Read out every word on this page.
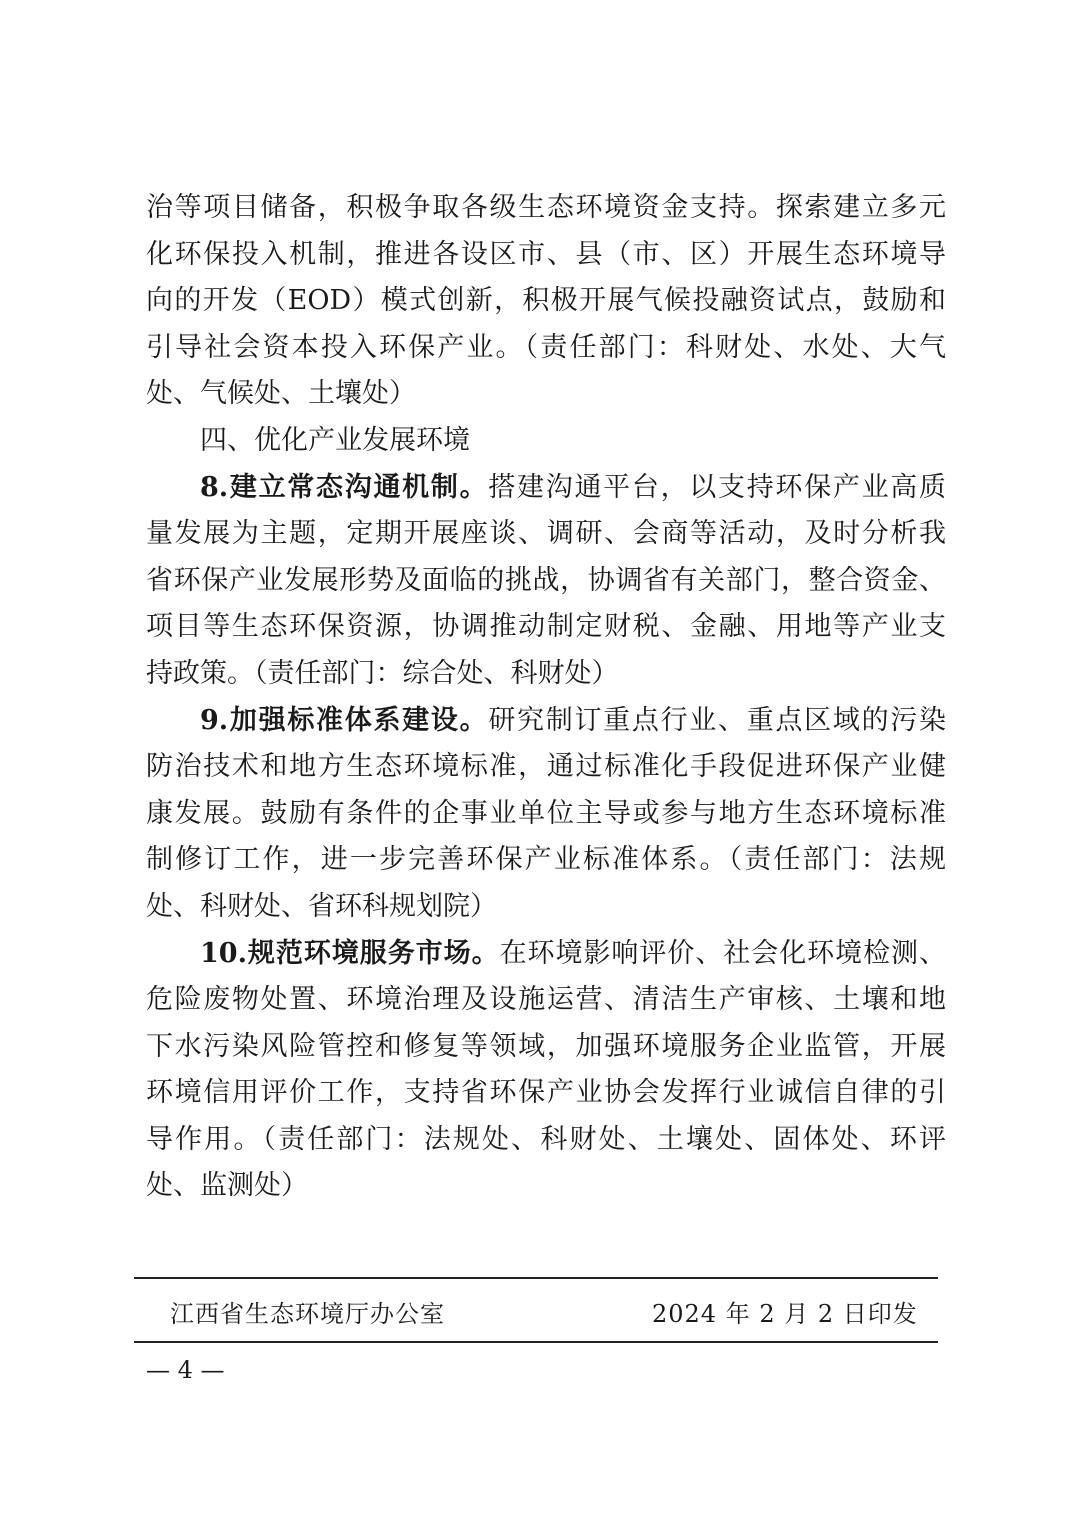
治等项目储备，积极争取各级生态环境资金支持。探索建立多元
化环保投入机制，推进各设区市、县（市、区）开展生态环境导
向的开发（EOD）模式创新，积极开展气候投融资试点，鼓励和
引导社会资本投入环保产业。（责任部门：科财处、水处、大气
处、气候处、土壤处）
四、优化产业发展环境
8.建立常态沟通机制。搭建沟通平台，以支持环保产业高质
量发展为主题，定期开展座谈、调研、会商等活动，及时分析我
省环保产业发展形势及面临的挑战，协调省有关部门，整合资金、
项目等生态环保资源，协调推动制定财税、金融、用地等产业支
持政策。（责任部门：综合处、科财处）
9.加强标准体系建设。研究制订重点行业、重点区域的污染
防治技术和地方生态环境标准，通过标准化手段促进环保产业健
康发展。鼓励有条件的企事业单位主导或参与地方生态环境标准
制修订工作，进一步完善环保产业标准体系。（责任部门：法规
处、科财处、省环科规划院）
10.规范环境服务市场。在环境影响评价、社会化环境检测、
危险废物处置、环境治理及设施运营、清洁生产审核、土壤和地
下水污染风险管控和修复等领域，加强环境服务企业监管，开展
环境信用评价工作，支持省环保产业协会发挥行业诚信自律的引
导作用。（责任部门：法规处、科财处、土壤处、固体处、环评
处、监测处）
江西省生态环境厅办公室	2024 年 2 月 2 日印发
— 4 —
